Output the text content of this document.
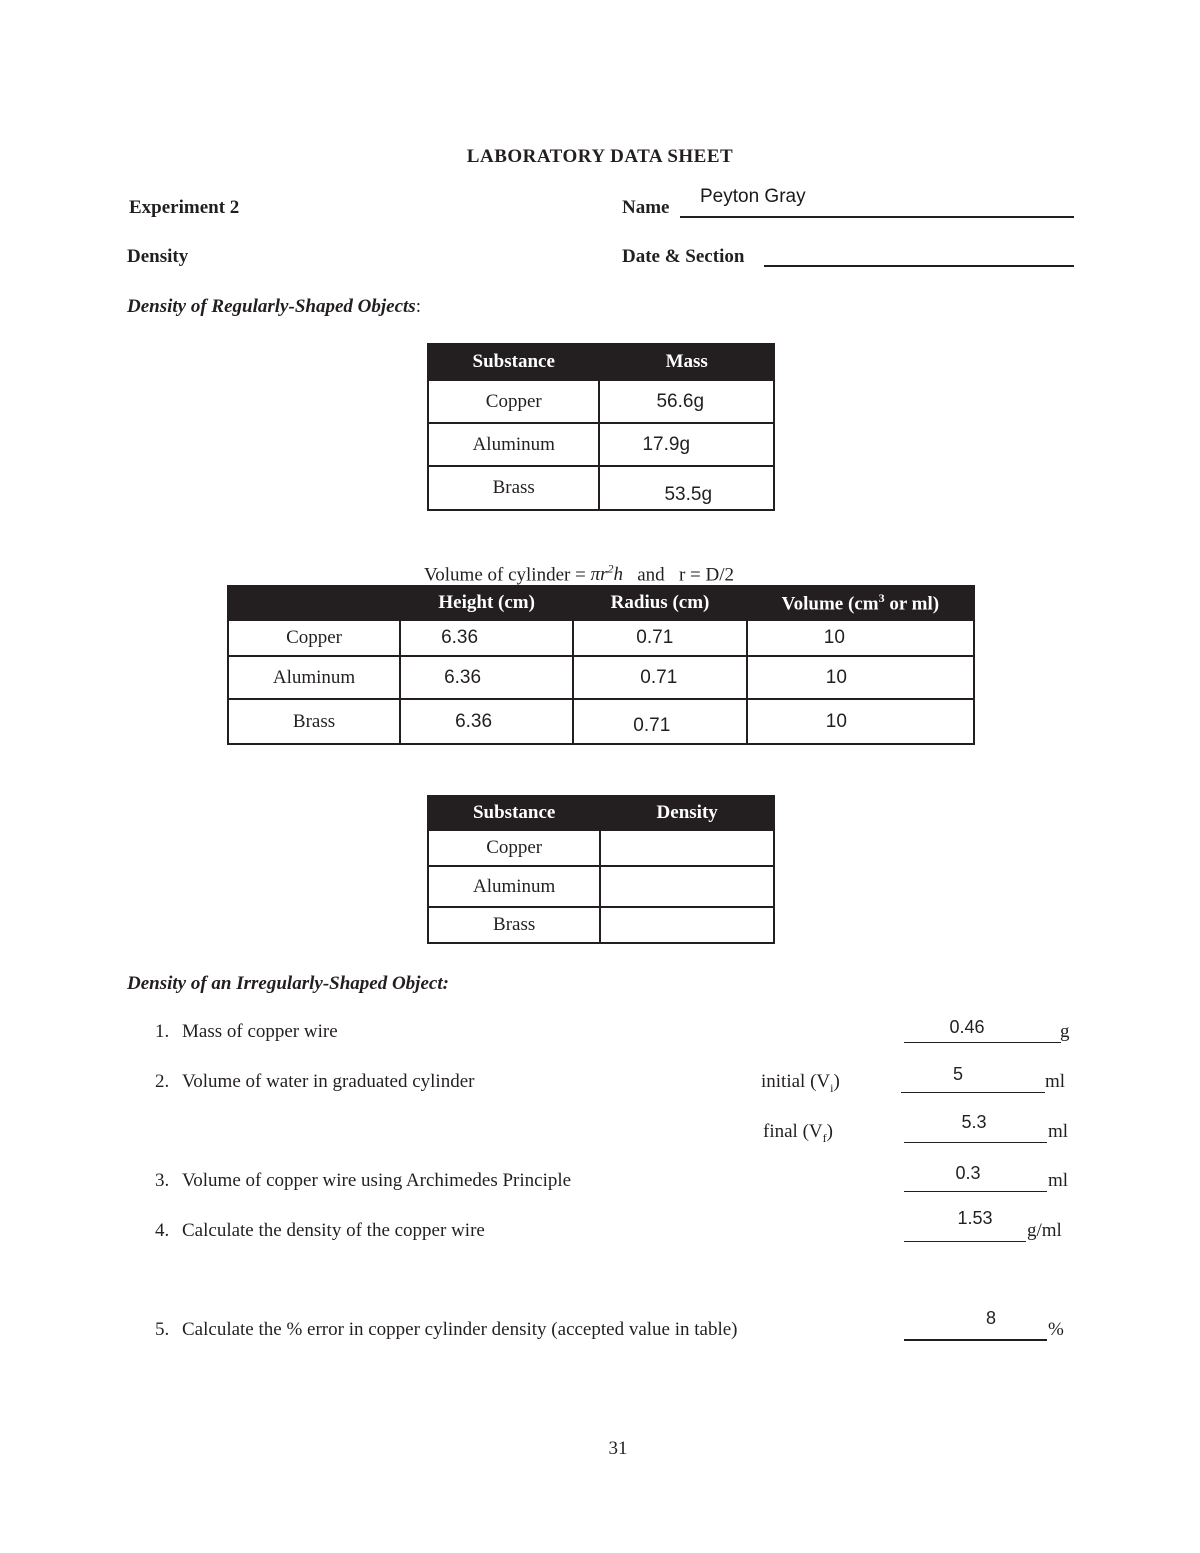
LABORATORY DATA SHEET
Experiment 2	Name
Peyton Gray
Density	Date & Section
Density of Regularly-Shaped Objects:
Substance	Mass
Copper	56.6g
Aluminum	17.9g
Brass	53.5g
Volume of cylinder = $\pi r^2h$ and r = D/2
	Height (cm)	Radius (cm)	Volume ($cm^3$ or ml)
Copper	6.36	0.71	10
Aluminum	6.36	0.71	10
Brass	6.36	0.71	10
Substance	Density
Copper	
Aluminum	
Brass	
Density of an Irregularly-Shaped Object:
1. Mass of copper wire	0.46	g
2. Volume of water in graduated cylinder	initial $(V_i)$	5	ml
final $(V_f)$	5.3	ml
3. Volume of copper wire using Archimedes Principle	0.3	ml
4. Calculate the density of the copper wire
1.53
g/ml
5. Calculate the % error in copper cylinder density (accepted value in table)
8
%
31
